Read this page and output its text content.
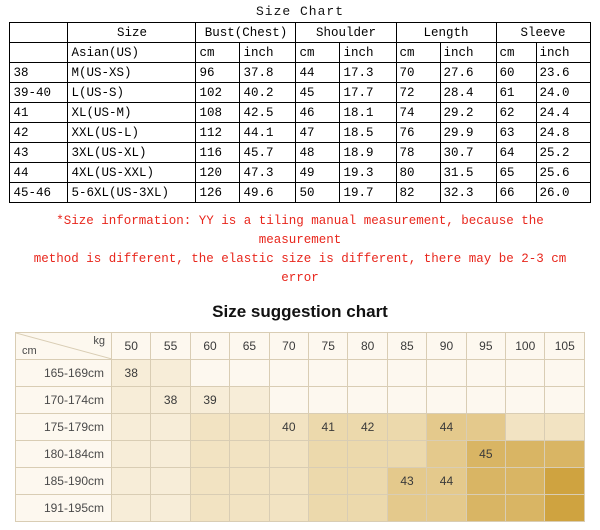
Size Chart
	Size	Bust(Chest)		Shoulder		Length		Sleeve	
	Asian(US)	cm	inch	cm	inch	cm	inch	cm	inch
38	M(US-XS)	96	37.8	44	17.3	70	27.6	60	23.6
39-40	L(US-S)	102	40.2	45	17.7	72	28.4	61	24.0
41	XL(US-M)	108	42.5	46	18.1	74	29.2	62	24.4
42	XXL(US-L)	112	44.1	47	18.5	76	29.9	63	24.8
43	3XL(US-XL)	116	45.7	48	18.9	78	30.7	64	25.2
44	4XL(US-XXL)	120	47.3	49	19.3	80	31.5	65	25.6
45-46	5-6XL(US-3XL)	126	49.6	50	19.7	82	32.3	66	26.0
*Size information: YY is a tiling manual measurement, because the measurement
method is different, the elastic size is different, there may be 2-3 cm error
Size suggestion chart
kg
cm	50	55	60	65	70	75	80	85	90	95	100	105
165-169cm	38											
170-174cm		38	39									
175-179cm					40	41	42		44			
180-184cm										45		
185-190cm								43	44			
191-195cm												
